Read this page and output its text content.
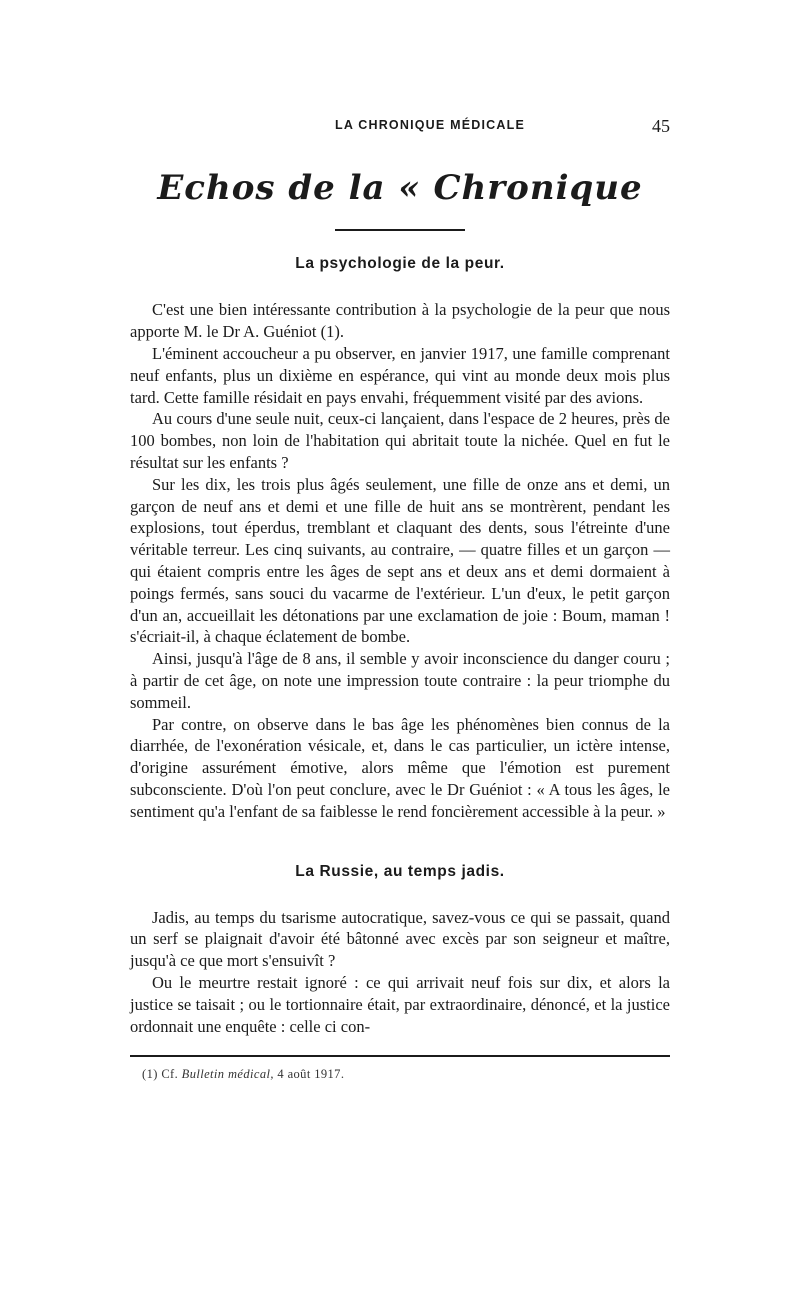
LA CHRONIQUE MÉDICALE	45
Echos de la « Chronique
La psychologie de la peur.

C'est une bien intéressante contribution à la psychologie de la peur que nous apporte M. le Dr A. Guéniot (1).

L'éminent accoucheur a pu observer, en janvier 1917, une famille comprenant neuf enfants, plus un dixième en espérance, qui vint au monde deux mois plus tard. Cette famille résidait en pays envahi, fréquemment visité par des avions.

Au cours d'une seule nuit, ceux-ci lançaient, dans l'espace de 2 heures, près de 100 bombes, non loin de l'habitation qui abritait toute la nichée. Quel en fut le résultat sur les enfants ?

Sur les dix, les trois plus âgés seulement, une fille de onze ans et demi, un garçon de neuf ans et demi et une fille de huit ans se montrèrent, pendant les explosions, tout éperdus, tremblant et claquant des dents, sous l'étreinte d'une véritable terreur. Les cinq suivants, au contraire, — quatre filles et un garçon — qui étaient compris entre les âges de sept ans et deux ans et demi dormaient à poings fermés, sans souci du vacarme de l'extérieur. L'un d'eux, le petit garçon d'un an, accueillait les détonations par une exclamation de joie : Boum, maman ! s'écriait-il, à chaque éclatement de bombe.

Ainsi, jusqu'à l'âge de 8 ans, il semble y avoir inconscience du danger couru ; à partir de cet âge, on note une impression toute contraire : la peur triomphe du sommeil.

Par contre, on observe dans le bas âge les phénomènes bien connus de la diarrhée, de l'exonération vésicale, et, dans le cas particulier, un ictère intense, d'origine assurément émotive, alors même que l'émotion est purement subconsciente. D'où l'on peut conclure, avec le Dr Guéniot : « A tous les âges, le sentiment qu'a l'enfant de sa faiblesse le rend foncièrement accessible à la peur. »

La Russie, au temps jadis.

Jadis, au temps du tsarisme autocratique, savez-vous ce qui se passait, quand un serf se plaignait d'avoir été bâtonné avec excès par son seigneur et maître, jusqu'à ce que mort s'ensuivît ?

Ou le meurtre restait ignoré : ce qui arrivait neuf fois sur dix, et alors la justice se taisait ; ou le tortionnaire était, par extraordinaire, dénoncé, et la justice ordonnait une enquête : celle ci con-

(1) Cf. Bulletin médical, 4 août 1917.
